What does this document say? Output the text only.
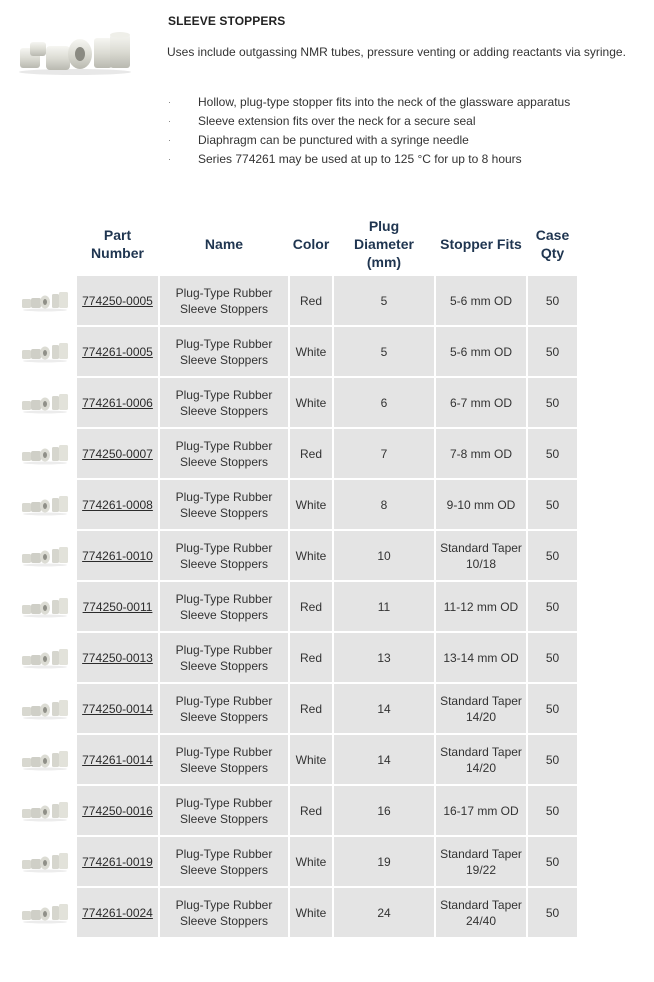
SLEEVE STOPPERS
Uses include outgassing NMR tubes, pressure venting or adding reactants via syringe.
· Hollow, plug-type stopper fits into the neck of the glassware apparatus
· Sleeve extension fits over the neck for a secure seal
· Diaphragm can be punctured with a syringe needle
· Series 774261 may be used at up to 125 °C for up to 8 hours
	Part
Number	Name	Color	Plug
Diameter
(mm)	Stopper Fits	Case
Qty

	774250-0005	Plug-Type Rubber
Sleeve Stoppers	Red	5	5-6 mm OD	50

	774261-0005	Plug-Type Rubber
Sleeve Stoppers	White	5	5-6 mm OD	50

	774261-0006	Plug-Type Rubber
Sleeve Stoppers	White	6	6-7 mm OD	50

	774250-0007	Plug-Type Rubber
Sleeve Stoppers	Red	7	7-8 mm OD	50

	774261-0008	Plug-Type Rubber
Sleeve Stoppers	White	8	9-10 mm OD	50

	774261-0010	Plug-Type Rubber
Sleeve Stoppers	White	10	Standard Taper
10/18	50

	774250-0011	Plug-Type Rubber
Sleeve Stoppers	Red	11	11-12 mm OD	50

	774250-0013	Plug-Type Rubber
Sleeve Stoppers	Red	13	13-14 mm OD	50

	774250-0014	Plug-Type Rubber
Sleeve Stoppers	Red	14	Standard Taper
14/20	50

	774261-0014	Plug-Type Rubber
Sleeve Stoppers	White	14	Standard Taper
14/20	50

	774250-0016	Plug-Type Rubber
Sleeve Stoppers	Red	16	16-17 mm OD	50

	774261-0019	Plug-Type Rubber
Sleeve Stoppers	White	19	Standard Taper
19/22	50

	774261-0024	Plug-Type Rubber
Sleeve Stoppers	White	24	Standard Taper
24/40	50
